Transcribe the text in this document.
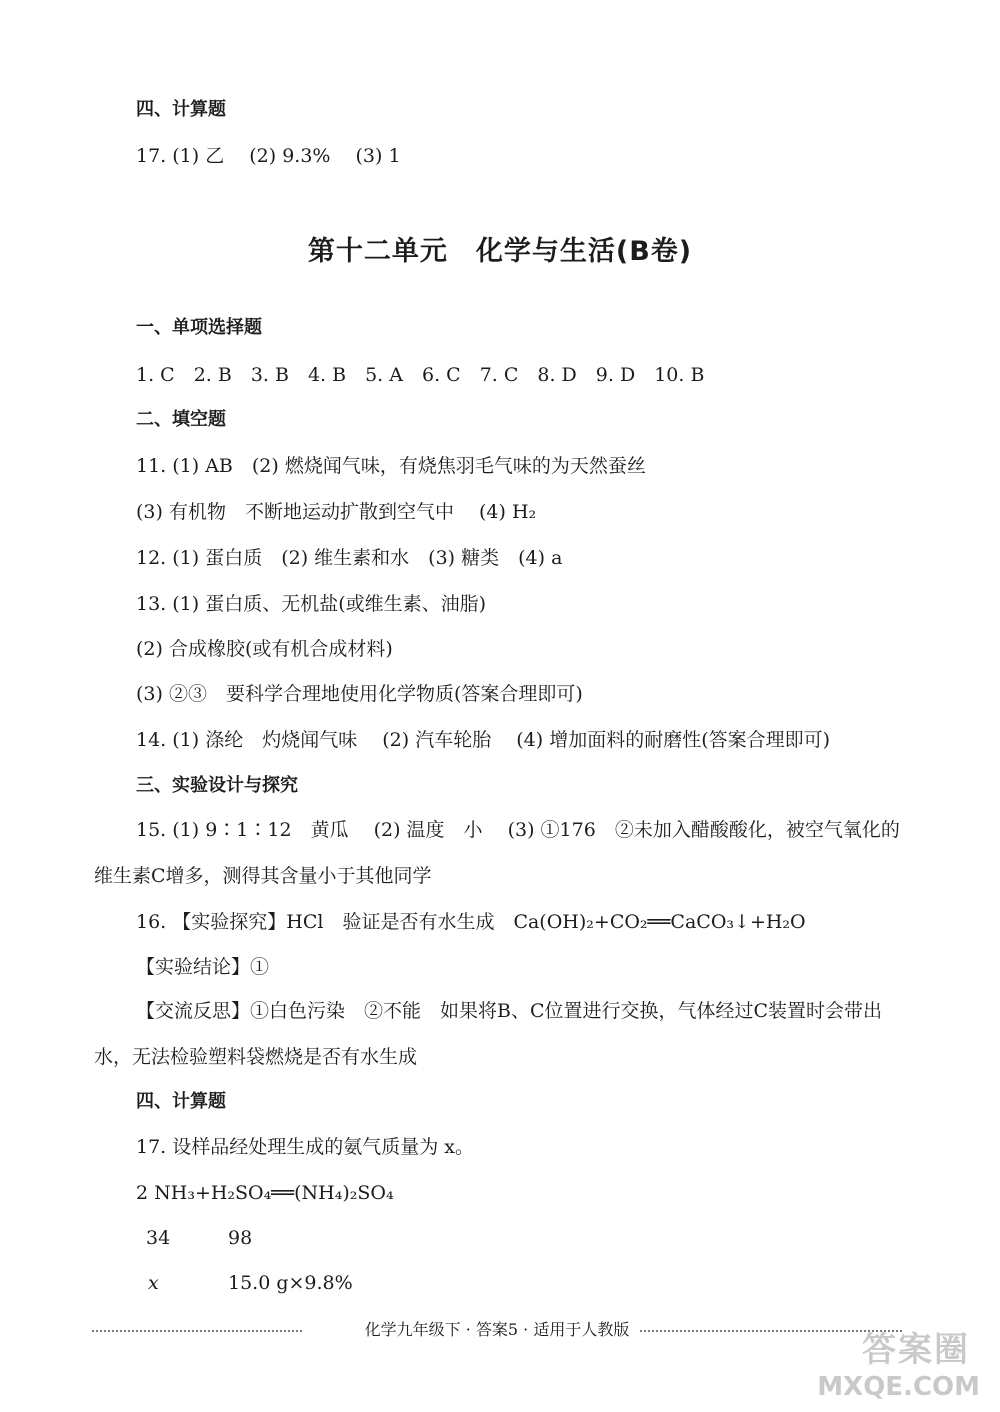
四、计算题
17. (1) 乙　 (2) 9.3%　 (3) 1
第十二单元　化学与生活(B卷)
一、单项选择题
1. C　2. B　3. B　4. B　5. A　6. C　7. C　8. D　9. D　10. B
二、填空题
11. (1) AB　(2) 燃烧闻气味，有烧焦羽毛气味的为天然蚕丝
(3) 有机物　不断地运动扩散到空气中　 (4) H₂
12. (1) 蛋白质　(2) 维生素和水　(3) 糖类　(4) a
13. (1) 蛋白质、无机盐(或维生素、油脂)
(2) 合成橡胶(或有机合成材料)
(3) ②③　要科学合理地使用化学物质(答案合理即可)
14. (1) 涤纶　灼烧闻气味　 (2) 汽车轮胎　 (4) 增加面料的耐磨性(答案合理即可)
三、实验设计与探究
15. (1) 9∶1∶12　黄瓜　 (2) 温度　小　 (3) ①176　②未加入醋酸酸化，被空气氧化的维生素C增多，测得其含量小于其他同学
16. 【实验探究】HCl　验证是否有水生成　Ca(OH)₂+CO₂══CaCO₃↓+H₂O
【实验结论】①
【交流反思】①白色污染　②不能　如果将B、C位置进行交换，气体经过C装置时会带出水，无法检验塑料袋燃烧是否有水生成
四、计算题
17. 设样品经处理生成的氨气质量为 x。
2 NH₃+H₂SO₄══(NH₄)₂SO₄
34	98
x	15.0 g×9.8%
化学九年级下 · 答案5 · 适用于人教版
答案圈
MXQE.COM
